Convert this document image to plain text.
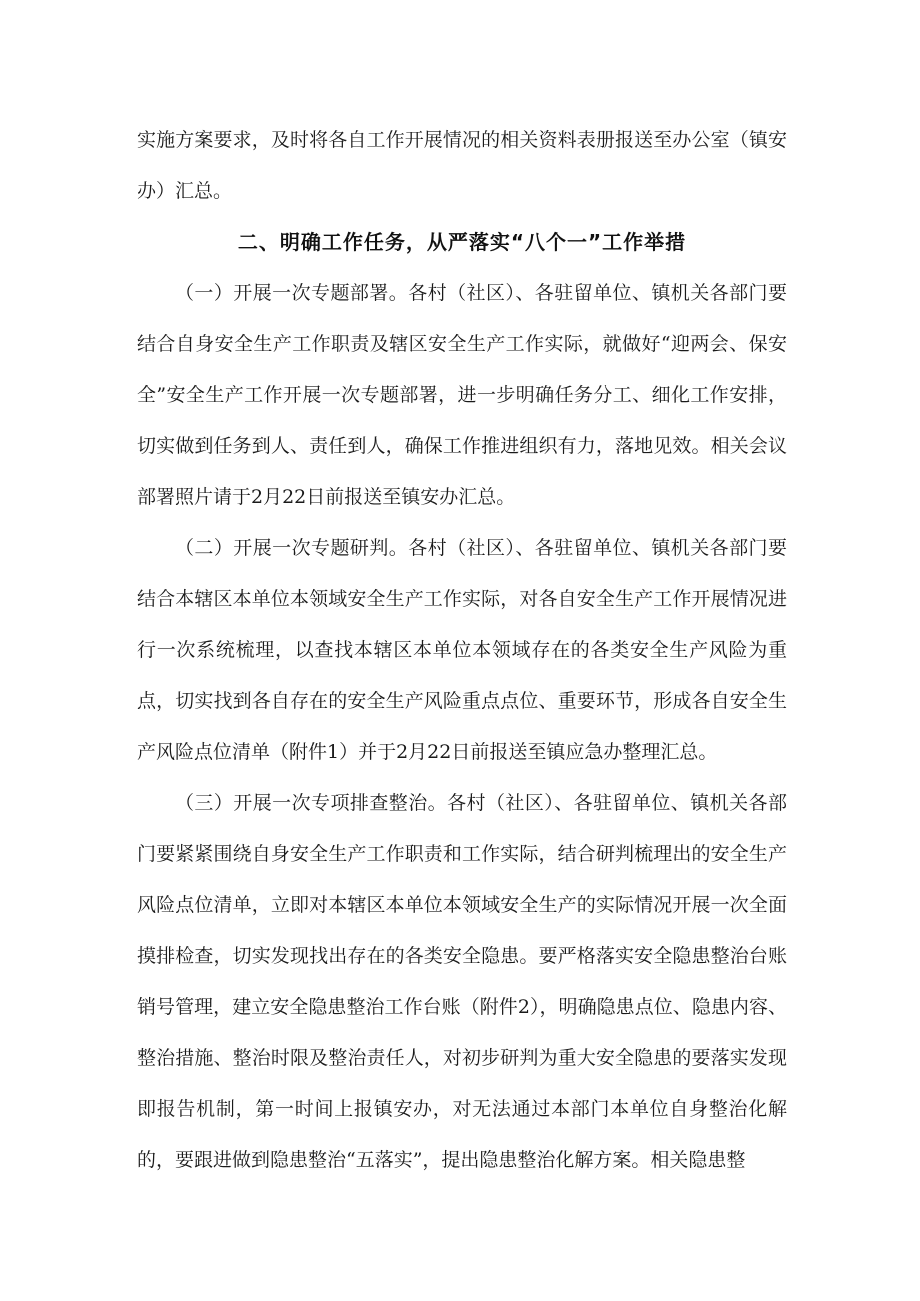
实施方案要求，及时将各自工作开展情况的相关资料表册报送至办公室（镇安办）汇总。

二、明确工作任务，从严落实“八个一”工作举措

（一）开展一次专题部署。各村（社区）、各驻留单位、镇机关各部门要结合自身安全生产工作职责及辖区安全生产工作实际，就做好“迎两会、保安全”安全生产工作开展一次专题部署，进一步明确任务分工、细化工作安排，切实做到任务到人、责任到人，确保工作推进组织有力，落地见效。相关会议部署照片请于2月22日前报送至镇安办汇总。

（二）开展一次专题研判。各村（社区）、各驻留单位、镇机关各部门要结合本辖区本单位本领域安全生产工作实际，对各自安全生产工作开展情况进行一次系统梳理，以查找本辖区本单位本领域存在的各类安全生产风险为重点，切实找到各自存在的安全生产风险重点点位、重要环节，形成各自安全生产风险点位清单（附件1）并于2月22日前报送至镇应急办整理汇总。

（三）开展一次专项排查整治。各村（社区）、各驻留单位、镇机关各部门要紧紧围绕自身安全生产工作职责和工作实际，结合研判梳理出的安全生产风险点位清单，立即对本辖区本单位本领域安全生产的实际情况开展一次全面摸排检查，切实发现找出存在的各类安全隐患。要严格落实安全隐患整治台账销号管理，建立安全隐患整治工作台账（附件2），明确隐患点位、隐患内容、整治措施、整治时限及整治责任人，对初步研判为重大安全隐患的要落实发现即报告机制，第一时间上报镇安办，对无法通过本部门本单位自身整治化解的，要跟进做到隐患整治“五落实”，提出隐患整治化解方案。相关隐患整
